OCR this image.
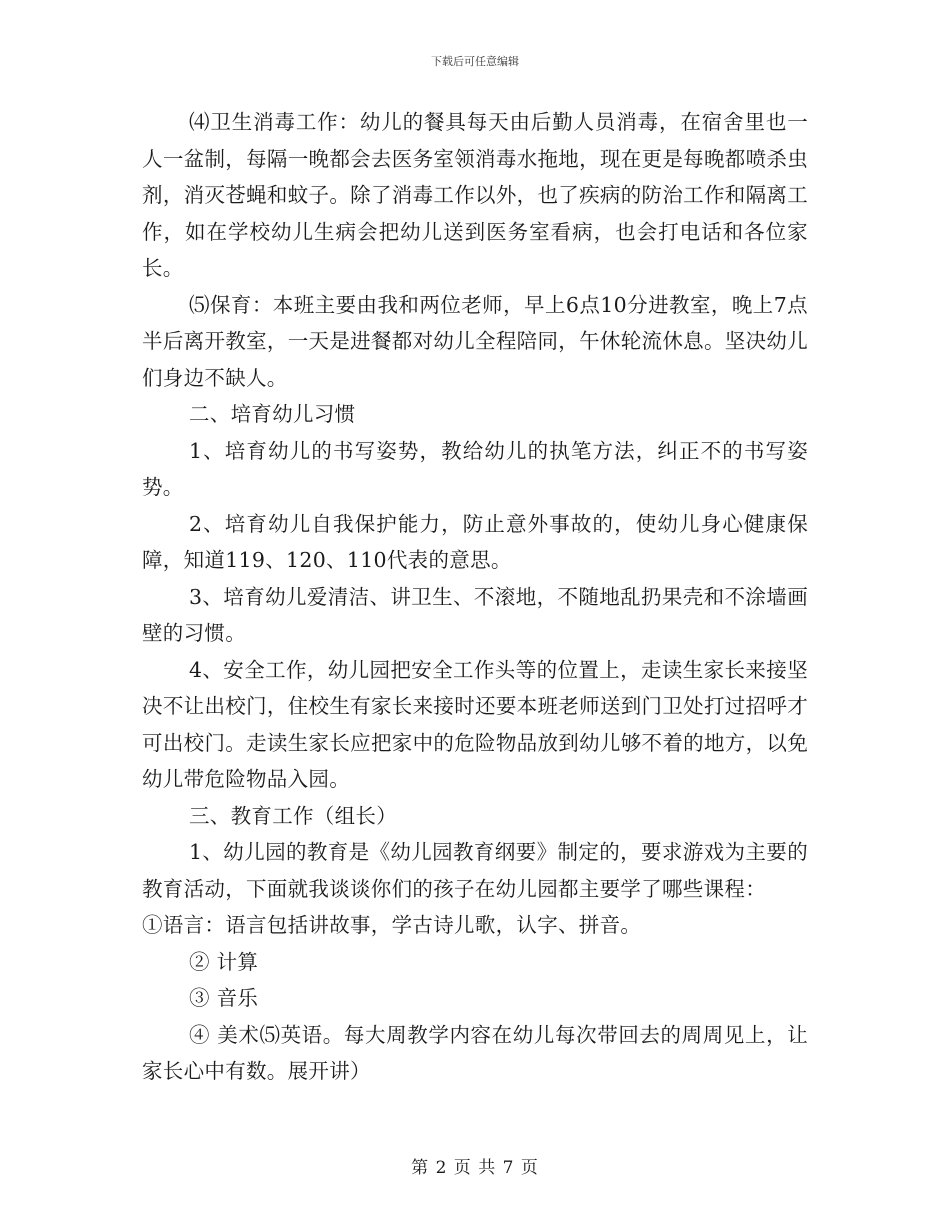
下载后可任意编辑

⑷卫生消毒工作：幼儿的餐具每天由后勤人员消毒，在宿舍里也一人一盆制，每隔一晚都会去医务室领消毒水拖地，现在更是每晚都喷杀虫剂，消灭苍蝇和蚊子。除了消毒工作以外，也了疾病的防治工作和隔离工作，如在学校幼儿生病会把幼儿送到医务室看病，也会打电话和各位家长。

⑸保育：本班主要由我和两位老师，早上6点10分进教室，晚上7点半后离开教室，一天是进餐都对幼儿全程陪同，午休轮流休息。坚决幼儿们身边不缺人。

二、培育幼儿习惯

1、培育幼儿的书写姿势，教给幼儿的执笔方法，纠正不的书写姿势。

2、培育幼儿自我保护能力，防止意外事故的，使幼儿身心健康保障，知道119、120、110代表的意思。

3、培育幼儿爱清洁、讲卫生、不滚地，不随地乱扔果壳和不涂墙画壁的习惯。

4、安全工作，幼儿园把安全工作头等的位置上，走读生家长来接坚决不让出校门，住校生有家长来接时还要本班老师送到门卫处打过招呼才可出校门。走读生家长应把家中的危险物品放到幼儿够不着的地方，以免幼儿带危险物品入园。

三、教育工作（组长）

1、幼儿园的教育是《幼儿园教育纲要》制定的，要求游戏为主要的教育活动，下面就我谈谈你们的孩子在幼儿园都主要学了哪些课程：

①语言：语言包括讲故事，学古诗儿歌，认字、拼音。

② 计算

③ 音乐

④ 美术⑸英语。每大周教学内容在幼儿每次带回去的周周见上，让家长心中有数。展开讲）

第 2 页 共 7 页
